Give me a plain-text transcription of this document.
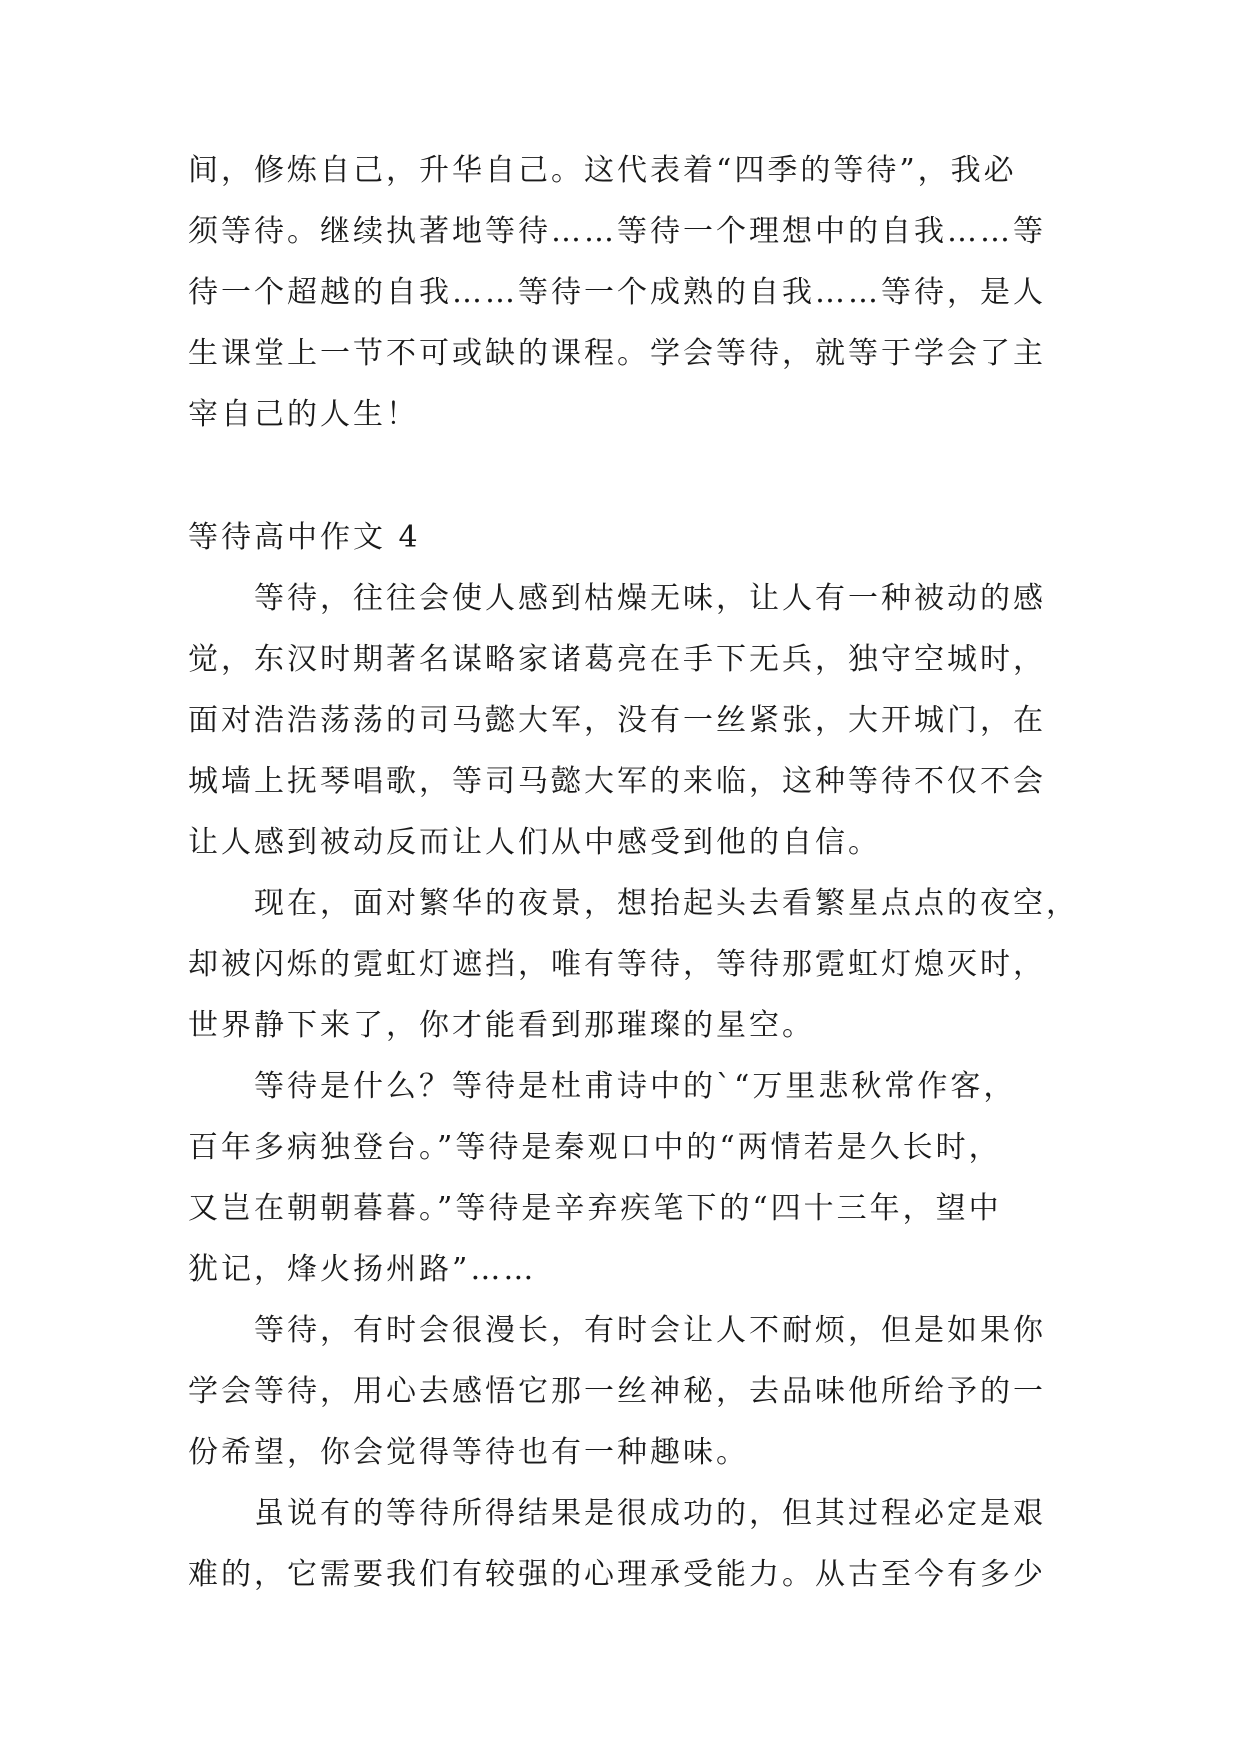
间，修炼自己，升华自己。这代表着“四季的等待”，我必
须等待。继续执著地等待……等待一个理想中的自我……等
待一个超越的自我……等待一个成熟的自我……等待，是人
生课堂上一节不可或缺的课程。学会等待，就等于学会了主
宰自己的人生！
等待高中作文 4
等待，往往会使人感到枯燥无味，让人有一种被动的感
觉，东汉时期著名谋略家诸葛亮在手下无兵，独守空城时，
面对浩浩荡荡的司马懿大军，没有一丝紧张，大开城门，在
城墙上抚琴唱歌，等司马懿大军的来临，这种等待不仅不会
让人感到被动反而让人们从中感受到他的自信。
现在，面对繁华的夜景，想抬起头去看繁星点点的夜空，
却被闪烁的霓虹灯遮挡，唯有等待，等待那霓虹灯熄灭时，
世界静下来了，你才能看到那璀璨的星空。
等待是什么？等待是杜甫诗中的`“万里悲秋常作客，
百年多病独登台。”等待是秦观口中的“两情若是久长时，
又岂在朝朝暮暮。”等待是辛弃疾笔下的“四十三年，望中
犹记，烽火扬州路”……
等待，有时会很漫长，有时会让人不耐烦，但是如果你
学会等待，用心去感悟它那一丝神秘，去品味他所给予的一
份希望，你会觉得等待也有一种趣味。
虽说有的等待所得结果是很成功的，但其过程必定是艰
难的，它需要我们有较强的心理承受能力。从古至今有多少
